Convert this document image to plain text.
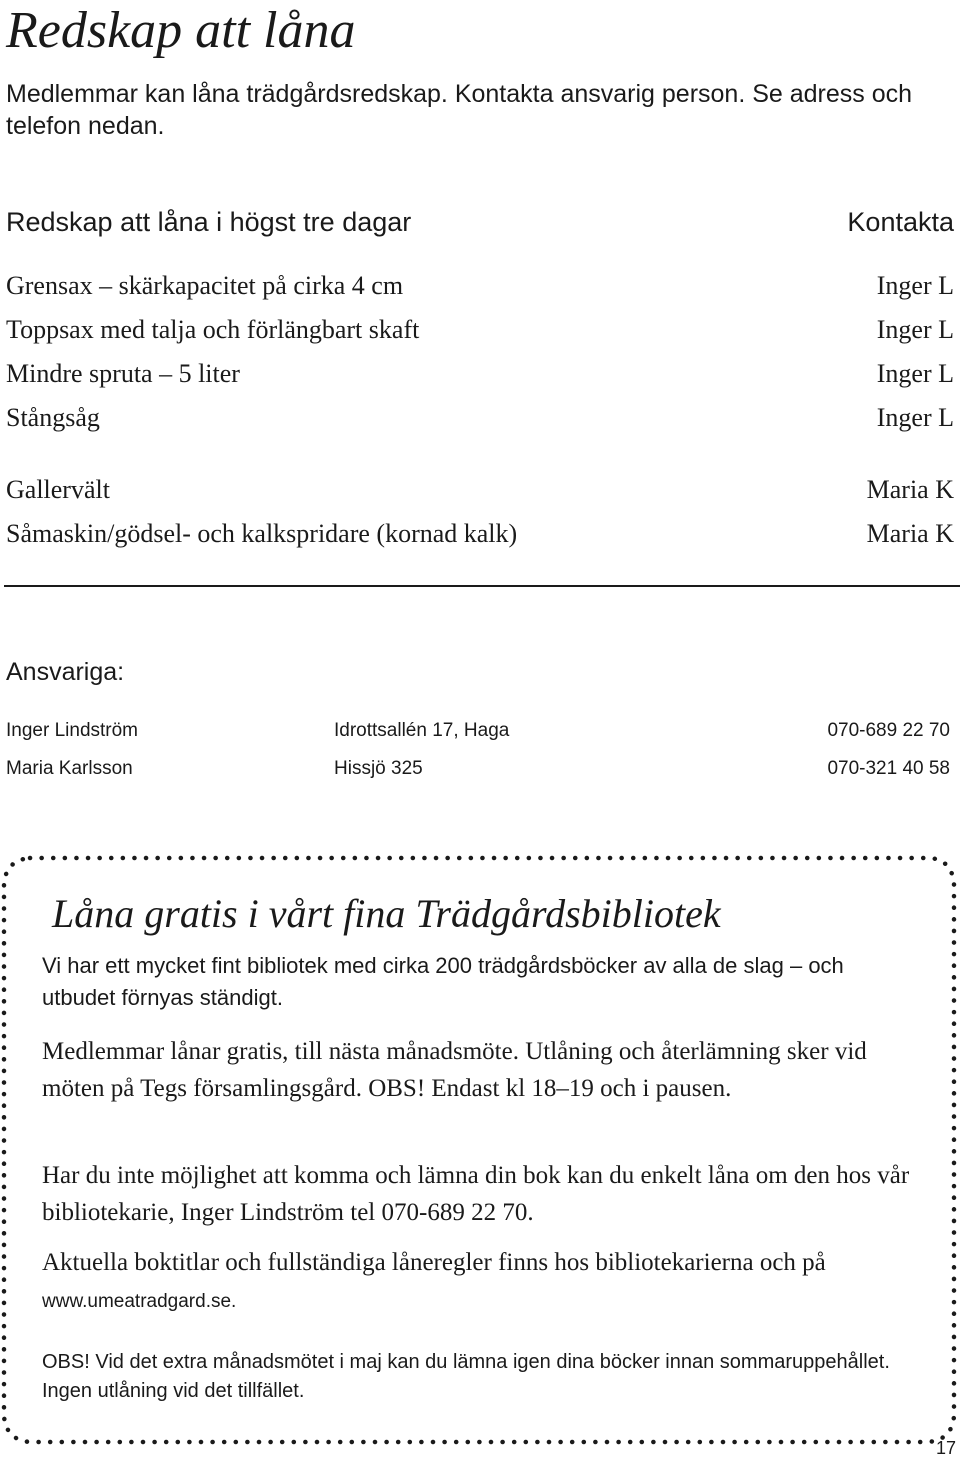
Redskap att låna
Medlemmar kan låna trädgårdsredskap. Kontakta ansvarig person. Se adress och telefon nedan.
Redskap att låna i högst tre dagar	Kontakta
Grensax – skärkapacitet på cirka 4 cm	Inger L
Toppsax med talja och förlängbart skaft	Inger L
Mindre spruta – 5 liter	Inger L
Stångsåg	Inger L
Gallervält	Maria K
Såmaskin/gödsel- och kalkspridare (kornad kalk)	Maria K
Ansvariga:
Inger Lindström	Idrottsallén 17, Haga	070-689 22 70
Maria Karlsson	Hissjö 325	070-321 40 58
Låna gratis i vårt fina Trädgårdsbibliotek
Vi har ett mycket fint bibliotek med cirka 200 trädgårdsböcker av alla de slag – och utbudet förnyas ständigt.
Medlemmar lånar gratis, till nästa månadsmöte. Utlåning och återlämning sker vid möten på Tegs församlingsgård. OBS! Endast kl 18–19 och i pausen.
Har du inte möjlighet att komma och lämna din bok kan du enkelt låna om den hos vår bibliotekarie, Inger Lindström tel 070-689 22 70.
Aktuella boktitlar och fullständiga låneregler finns hos bibliotekarierna och på www.umeatradgard.se.
OBS! Vid det extra månadsmötet i maj kan du lämna igen dina böcker innan sommaruppehållet. Ingen utlåning vid det tillfället.
17
